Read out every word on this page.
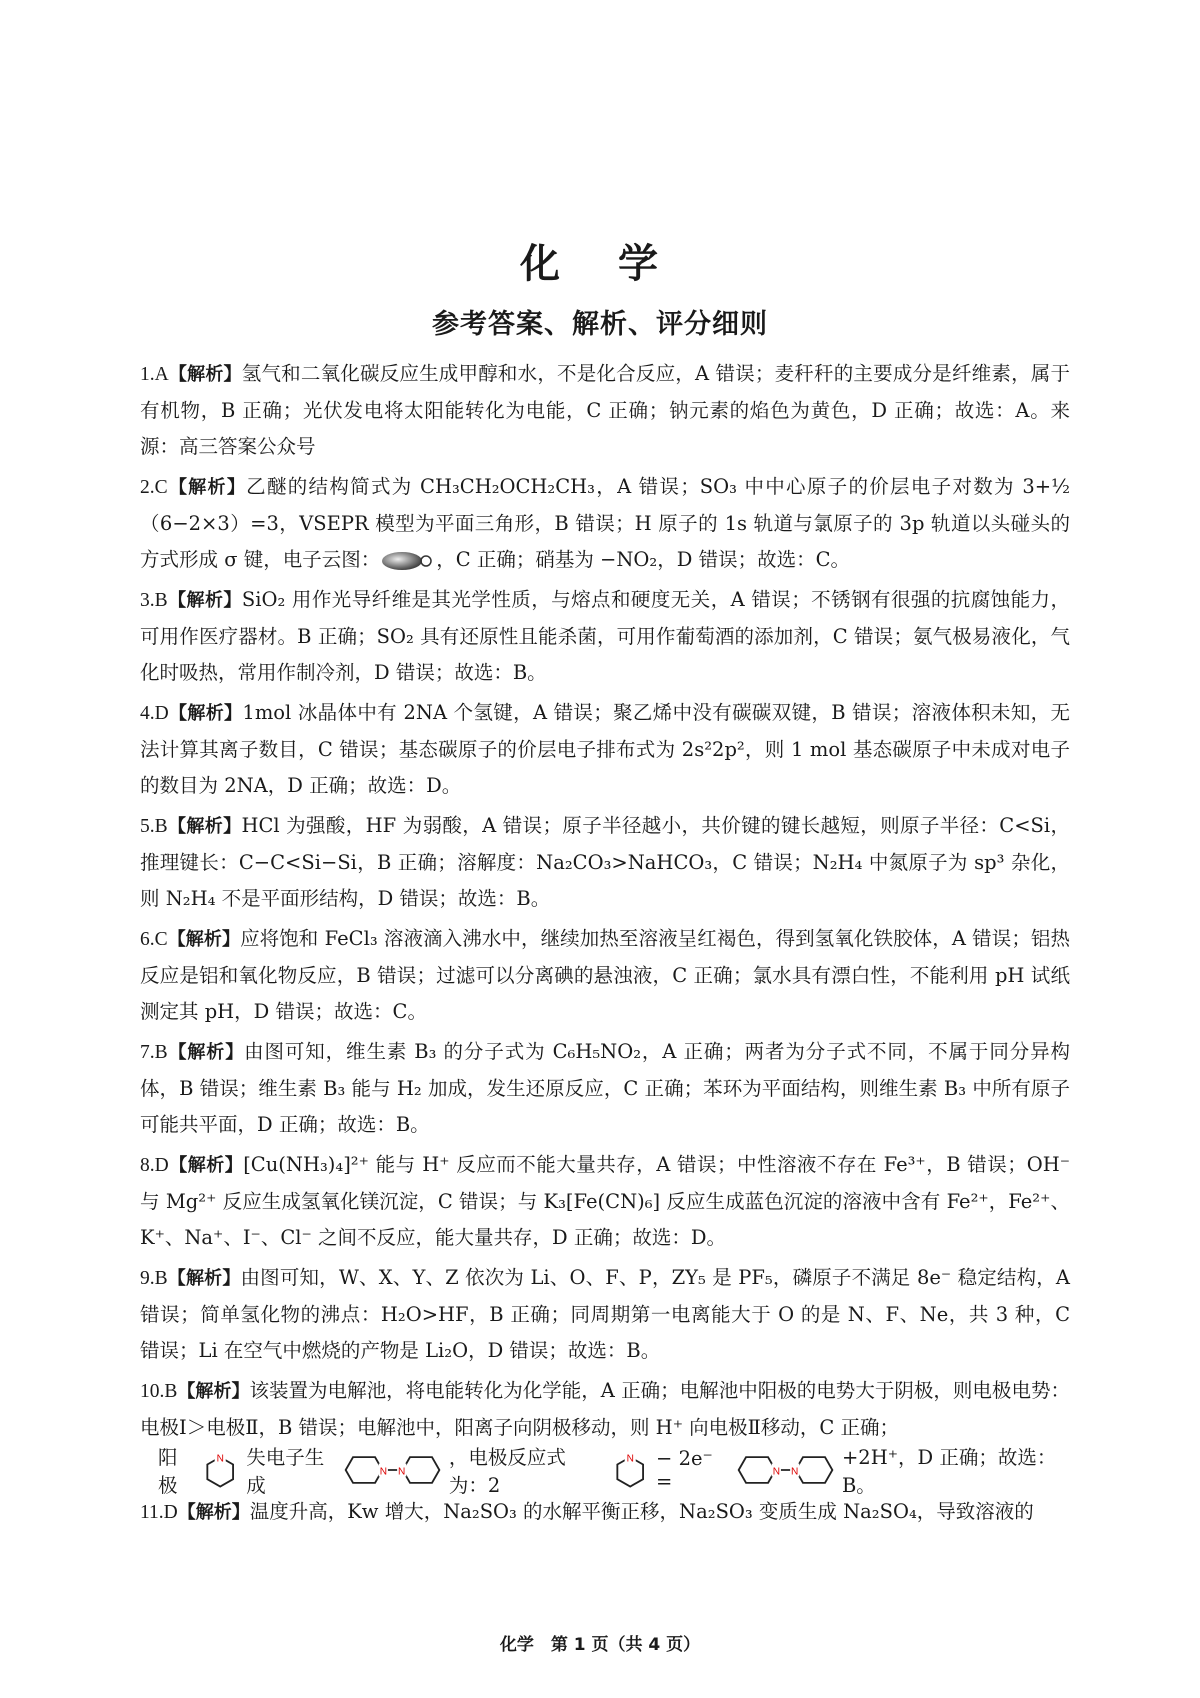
化 学
参考答案、解析、评分细则

1.A【解析】氢气和二氧化碳反应生成甲醇和水，不是化合反应，A 错误；麦秆秆的主要成分是纤维素，属于有机物，B 正确；光伏发电将太阳能转化为电能，C 正确；钠元素的焰色为黄色，D 正确；故选：A。来源：高三答案公众号

2.C【解析】乙醚的结构简式为 CH₃CH₂OCH₂CH₃，A 错误；SO₃ 中中心原子的价层电子对数为 3+½（6−2×3）=3，VSEPR 模型为平面三角形，B 错误；H 原子的 1s 轨道与氯原子的 3p 轨道以头碰头的方式形成 σ 键，电子云图：	，C 正确；硝基为 −NO₂，D 错误；故选：C。

3.B【解析】SiO₂ 用作光导纤维是其光学性质，与熔点和硬度无关，A 错误；不锈钢有很强的抗腐蚀能力，可用作医疗器材。B 正确；SO₂ 具有还原性且能杀菌，可用作葡萄酒的添加剂，C 错误；氨气极易液化，气化时吸热，常用作制冷剂，D 错误；故选：B。

4.D【解析】1mol 冰晶体中有 2NA 个氢键，A 错误；聚乙烯中没有碳碳双键，B 错误；溶液体积未知，无法计算其离子数目，C 错误；基态碳原子的价层电子排布式为 2s²2p²，则 1 mol 基态碳原子中未成对电子的数目为 2NA，D 正确；故选：D。

5.B【解析】HCl 为强酸，HF 为弱酸，A 错误；原子半径越小，共价键的键长越短，则原子半径：C<Si，推理键长：C−C<Si−Si，B 正确；溶解度：Na₂CO₃>NaHCO₃，C 错误；N₂H₄ 中氮原子为 sp³ 杂化，则 N₂H₄ 不是平面形结构，D 错误；故选：B。

6.C【解析】应将饱和 FeCl₃ 溶液滴入沸水中，继续加热至溶液呈红褐色，得到氢氧化铁胶体，A 错误；铝热反应是铝和氧化物反应，B 错误；过滤可以分离碘的悬浊液，C 正确；氯水具有漂白性，不能利用 pH 试纸测定其 pH，D 错误；故选：C。

7.B【解析】由图可知，维生素 B₃ 的分子式为 C₆H₅NO₂，A 正确；两者为分子式不同，不属于同分异构体，B 错误；维生素 B₃ 能与 H₂ 加成，发生还原反应，C 正确；苯环为平面结构，则维生素 B₃ 中所有原子可能共平面，D 正确；故选：B。

8.D【解析】[Cu(NH₃)₄]²⁺ 能与 H⁺ 反应而不能大量共存，A 错误；中性溶液不存在 Fe³⁺，B 错误；OH⁻ 与 Mg²⁺ 反应生成氢氧化镁沉淀，C 错误；与 K₃[Fe(CN)₆] 反应生成蓝色沉淀的溶液中含有 Fe²⁺，Fe²⁺、K⁺、Na⁺、I⁻、Cl⁻ 之间不反应，能大量共存，D 正确；故选：D。

9.B【解析】由图可知，W、X、Y、Z 依次为 Li、O、F、P，ZY₅ 是 PF₅，磷原子不满足 8e⁻ 稳定结构，A 错误；简单氢化物的沸点：H₂O>HF，B 正确；同周期第一电离能大于 O 的是 N、F、Ne，共 3 种，C 错误；Li 在空气中燃烧的产物是 Li₂O，D 错误；故选：B。

10.B【解析】该装置为电解池，将电能转化为化学能，A 正确；电解池中阳极的电势大于阴极，则电极电势：电极Ⅰ＞电极Ⅱ，B 错误；电解池中，阳离子向阴极移动，则 H⁺ 向电极Ⅱ移动，C 正确；

阳极
N 失电子生成
N N
，电极反应式为：2
N − 2e⁻ =	N N
+2H⁺，D 正确；故选：B。

11.D【解析】温度升高，Kw 增大，Na₂SO₃ 的水解平衡正移，Na₂SO₃ 变质生成 Na₂SO₄，导致溶液的

化学　第 1 页（共 4 页）
